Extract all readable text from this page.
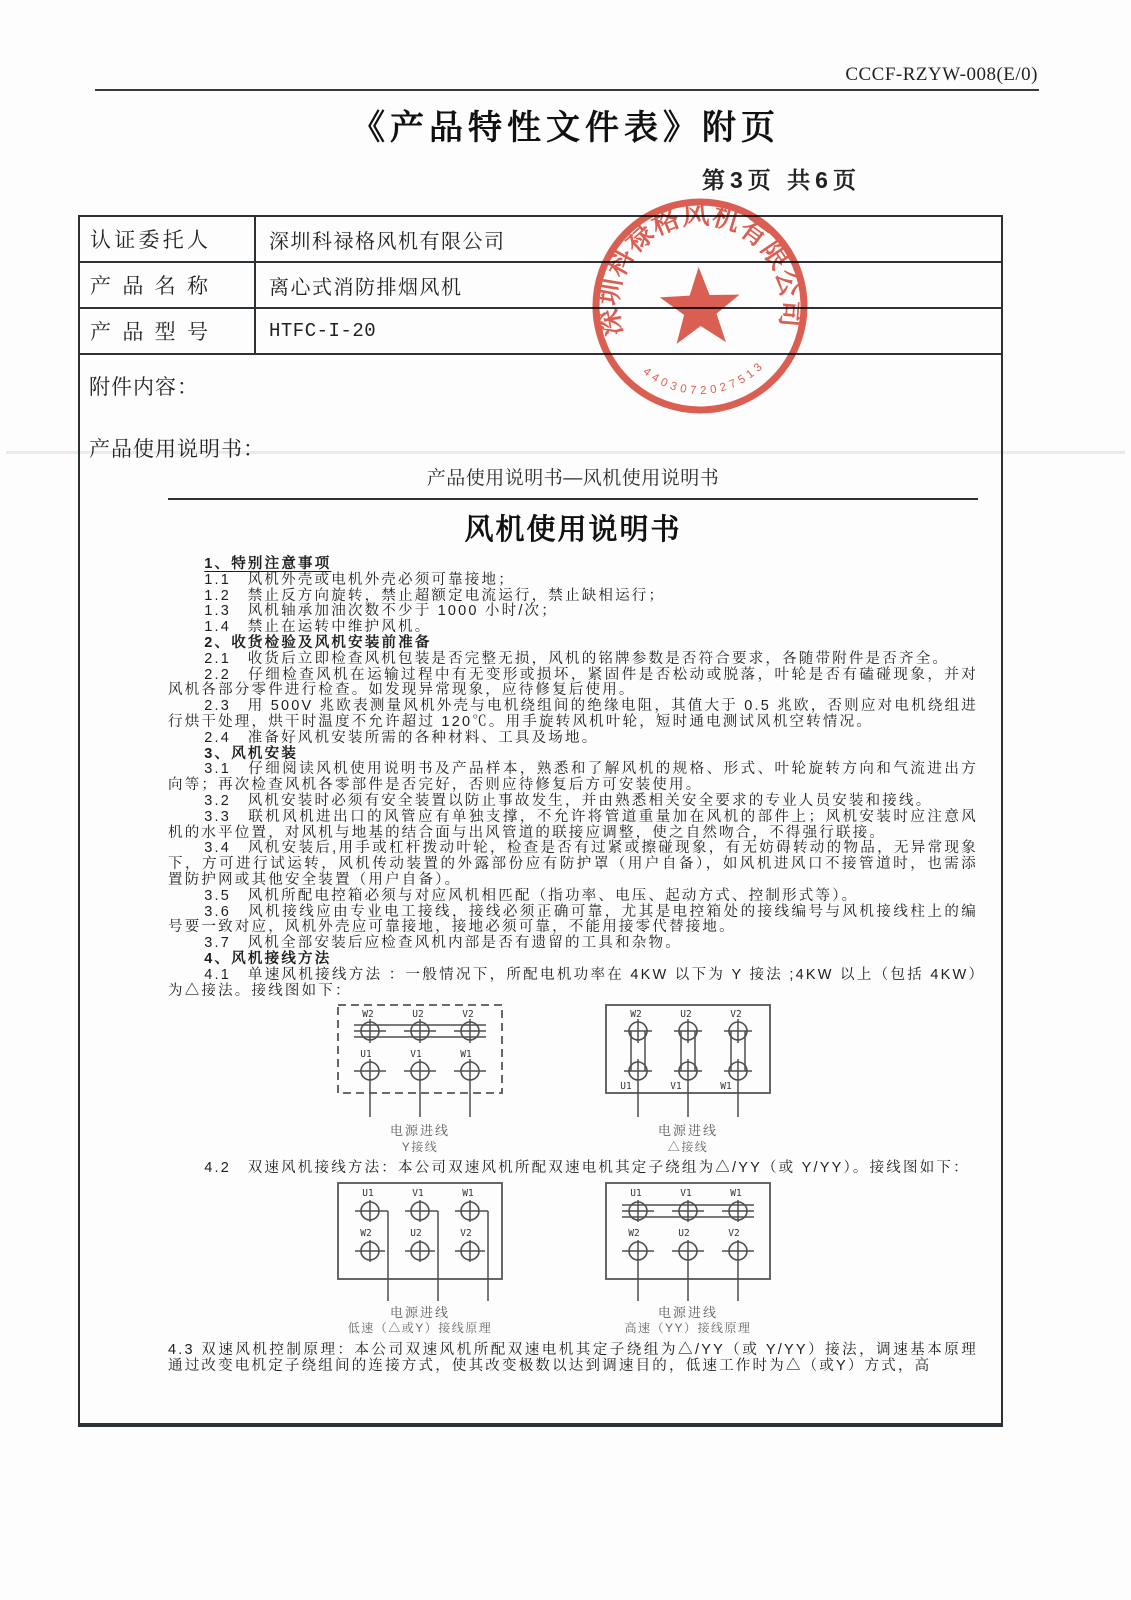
CCCF-RZYW-008(E/0)
《产品特性文件表》附页
第3页 共6页
认证委托人	深圳科禄格风机有限公司
产品名称	离心式消防排烟风机
产品型号	HTFC-I-20
附件内容：
产品使用说明书：
产品使用说明书—风机使用说明书
风机使用说明书
1、特别注意事项
1.1　风机外壳或电机外壳必须可靠接地；
1.2　禁止反方向旋转，禁止超额定电流运行，禁止缺相运行；
1.3　风机轴承加油次数不少于 1000 小时/次；
1.4　禁止在运转中维护风机。
2、收货检验及风机安装前准备
2.1　收货后立即检查风机包装是否完整无损，风机的铭牌参数是否符合要求，各随带附件是否齐全。
2.2　仔细检查风机在运输过程中有无变形或损坏，紧固件是否松动或脱落，叶轮是否有磕碰现象，并对风机各部分零件进行检查。如发现异常现象，应待修复后使用。
2.3　用 500V 兆欧表测量风机外壳与电机绕组间的绝缘电阻，其值大于 0.5 兆欧，否则应对电机绕组进行烘干处理，烘干时温度不允许超过 120℃。用手旋转风机叶轮，短时通电测试风机空转情况。
2.4　准备好风机安装所需的各种材料、工具及场地。
3、风机安装
3.1　仔细阅读风机使用说明书及产品样本，熟悉和了解风机的规格、形式、叶轮旋转方向和气流进出方向等；再次检查风机各零部件是否完好，否则应待修复后方可安装使用。
3.2　风机安装时必须有安全装置以防止事故发生，并由熟悉相关安全要求的专业人员安装和接线。
3.3　联机风机进出口的风管应有单独支撑，不允许将管道重量加在风机的部件上；风机安装时应注意风机的水平位置，对风机与地基的结合面与出风管道的联接应调整，使之自然吻合，不得强行联接。
3.4　风机安装后,用手或杠杆拨动叶轮，检查是否有过紧或擦碰现象，有无妨碍转动的物品，无异常现象下，方可进行试运转，风机传动装置的外露部份应有防护罩（用户自备），如风机进风口不接管道时，也需添置防护网或其他安全装置（用户自备）。
3.5　风机所配电控箱必须与对应风机相匹配（指功率、电压、起动方式、控制形式等）。
3.6　风机接线应由专业电工接线，接线必须正确可靠，尤其是电控箱处的接线编号与风机接线柱上的编号要一致对应，风机外壳应可靠接地，接地必须可靠，不能用接零代替接地。
3.7　风机全部安装后应检查风机内部是否有遗留的工具和杂物。
4、风机接线方法
4.1　单速风机接线方法 ：一般情况下，所配电机功率在 4KW 以下为 Y 接法 ;4KW 以上（包括 4KW）为△接法。接线图如下：
W2	U2	V2
U1	V1	W1
电源进线
Y接线
W2	U2	V2
U1	V1	W1
电源进线
△接线
4.2　双速风机接线方法：本公司双速风机所配双速电机其定子绕组为△/YY（或 Y/YY）。接线图如下：
U1	V1	W1
W2	U2	V2
电源进线
低速（△或Y）接线原理
U1	V1	W1
W2	U2	V2
电源进线
高速（YY）接线原理
4.3 双速风机控制原理：本公司双速风机所配双速电机其定子绕组为△/YY（或 Y/YY）接法，调速基本原理通过改变电机定子绕组间的连接方式，使其改变极数以达到调速目的，低速工作时为△（或Y）方式，高
深圳科禄格风机有限公司
4403072027513
